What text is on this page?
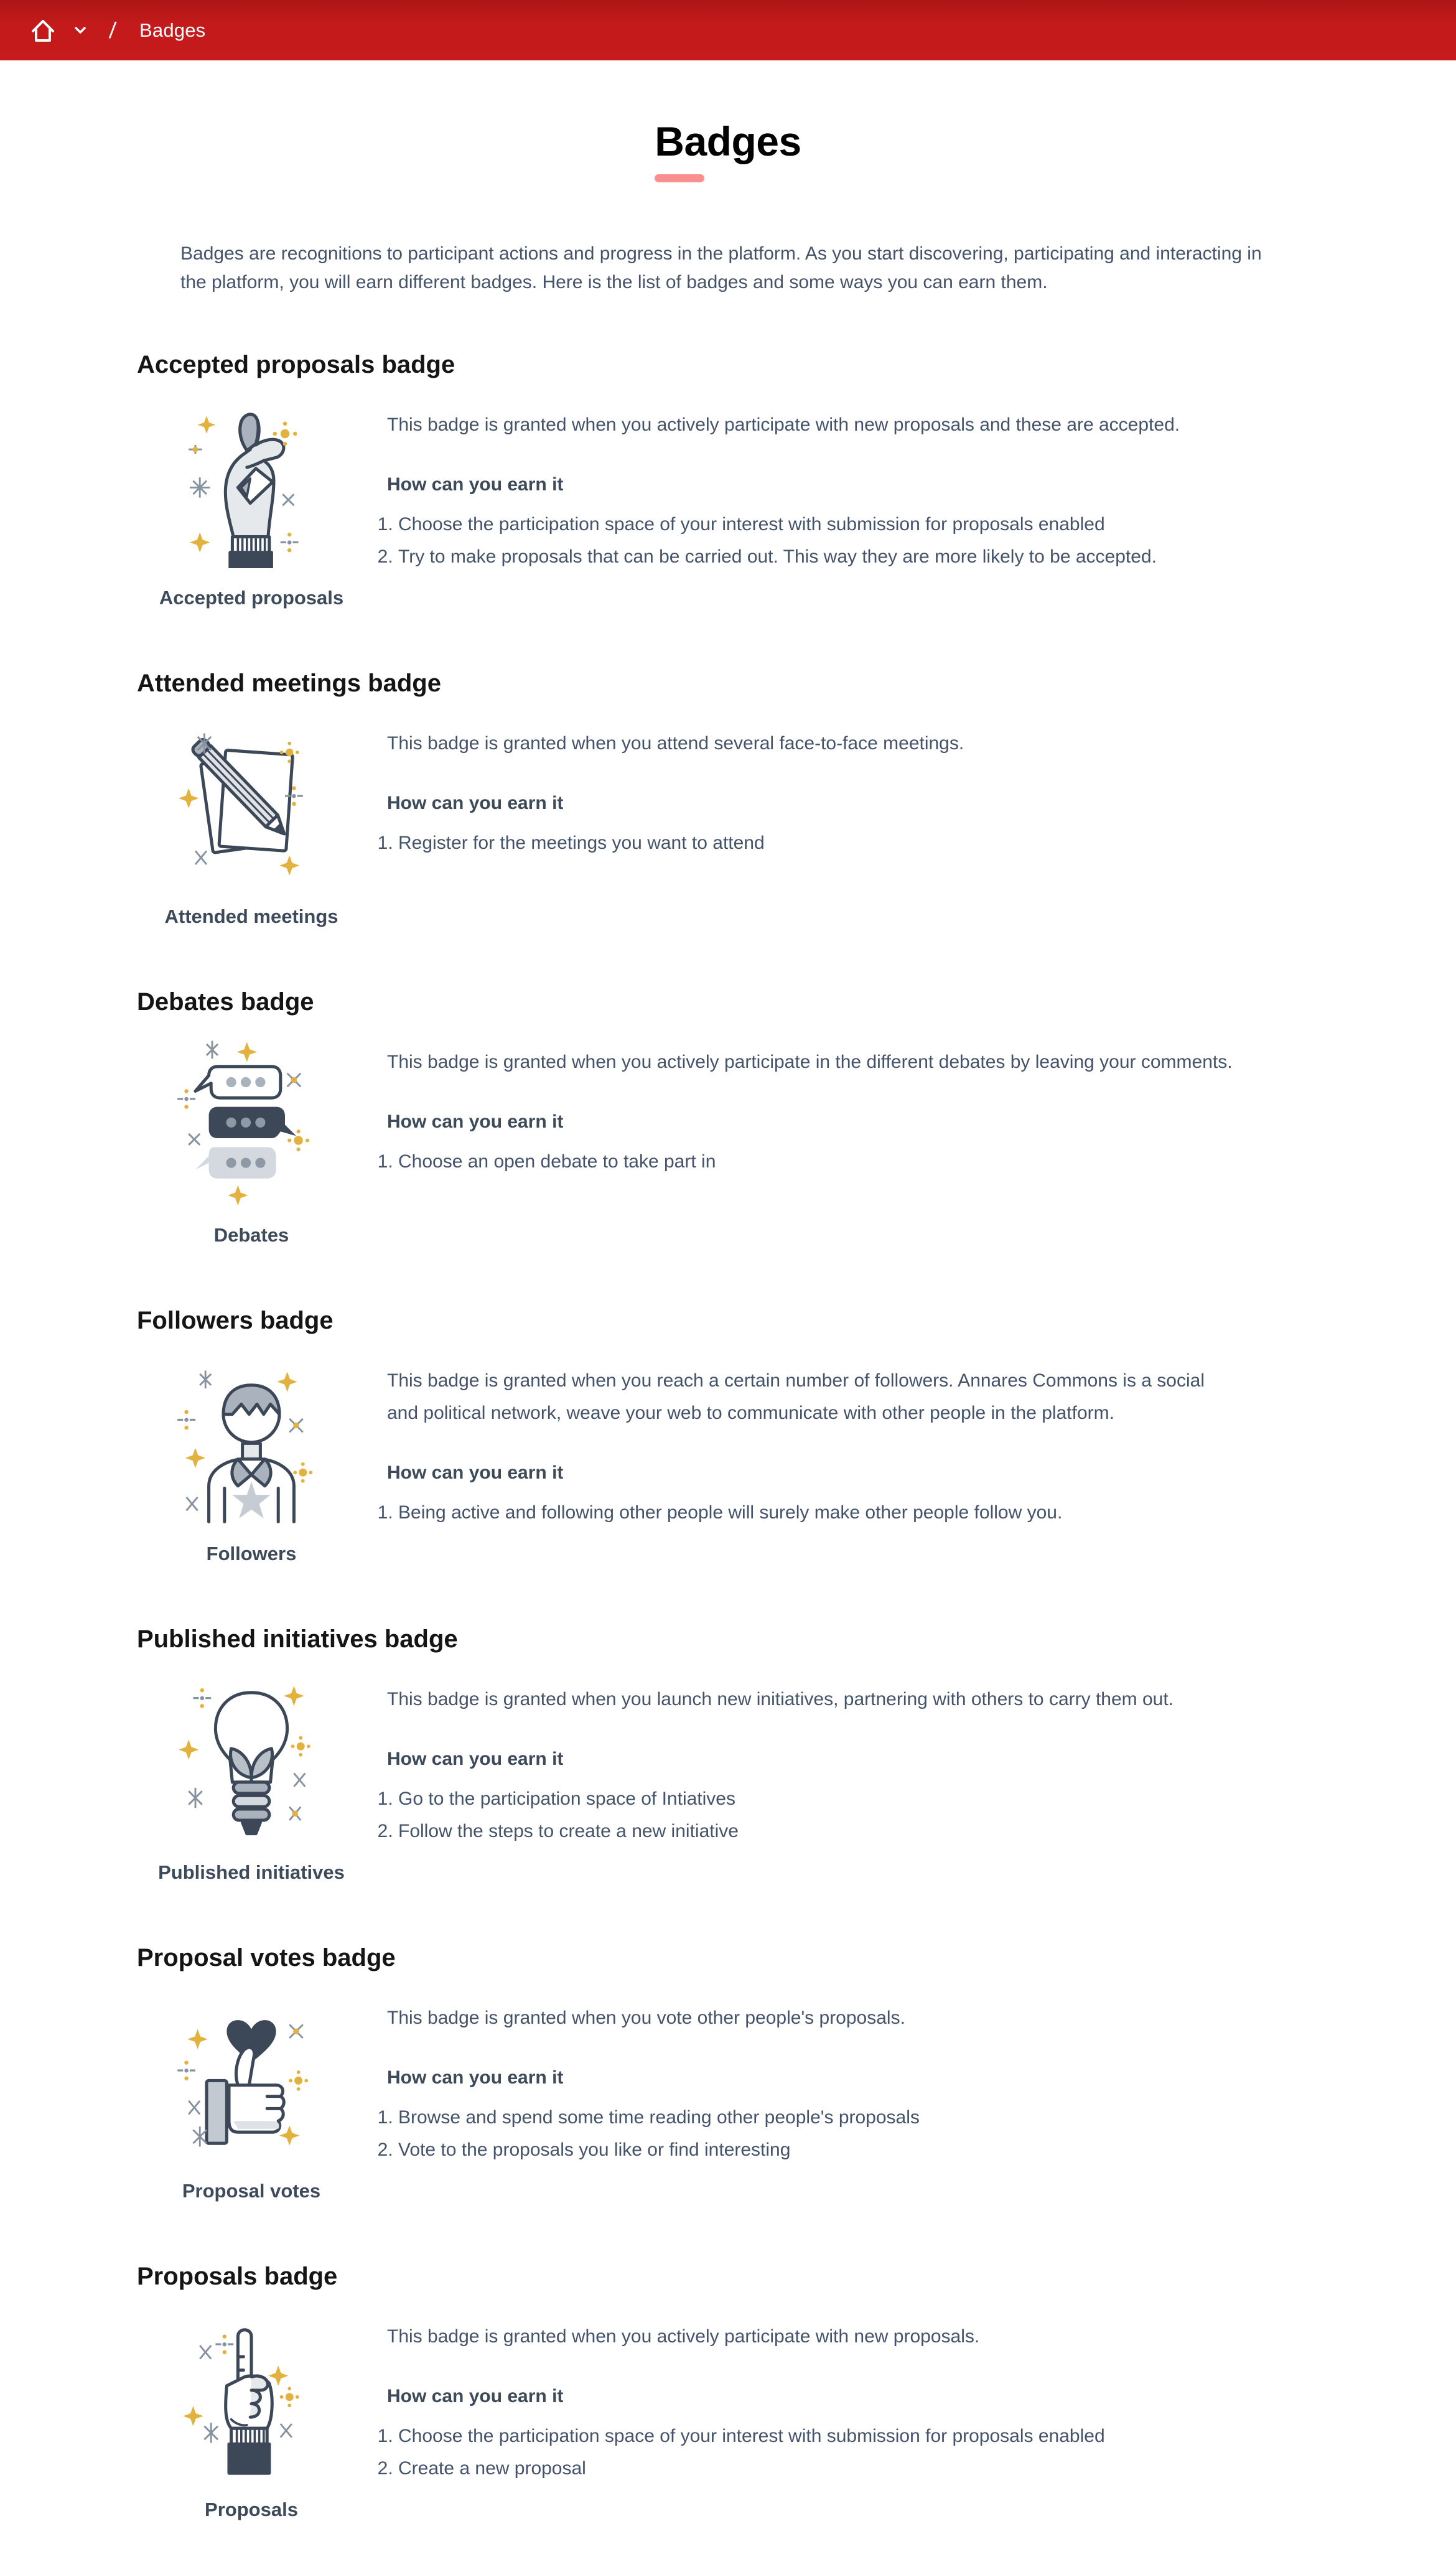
/ Badges
Badges

Badges are recognitions to participant actions and progress in the platform. As you start discovering, participating and interacting in the platform, you will earn different badges. Here is the list of badges and some ways you can earn them.

Accepted proposals badge
Accepted proposals

This badge is granted when you actively participate with new proposals and these are accepted.

How can you earn it
1. Choose the participation space of your interest with submission for proposals enabled
2. Try to make proposals that can be carried out. This way they are more likely to be accepted.
Attended meetings badge
Attended meetings

This badge is granted when you attend several face-to-face meetings.

How can you earn it
1. Register for the meetings you want to attend
Debates badge
Debates

This badge is granted when you actively participate in the different debates by leaving your comments.

How can you earn it
1. Choose an open debate to take part in
Followers badge
Followers

This badge is granted when you reach a certain number of followers. Annares Commons is a social and political network, weave your web to communicate with other people in the platform.

How can you earn it
1. Being active and following other people will surely make other people follow you.
Published initiatives badge
Published initiatives

This badge is granted when you launch new initiatives, partnering with others to carry them out.

How can you earn it
1. Go to the participation space of Intiatives
2. Follow the steps to create a new initiative
Proposal votes badge
Proposal votes

This badge is granted when you vote other people's proposals.

How can you earn it
1. Browse and spend some time reading other people's proposals
2. Vote to the proposals you like or find interesting
Proposals badge
Proposals

This badge is granted when you actively participate with new proposals.

How can you earn it
1. Choose the participation space of your interest with submission for proposals enabled
2. Create a new proposal
